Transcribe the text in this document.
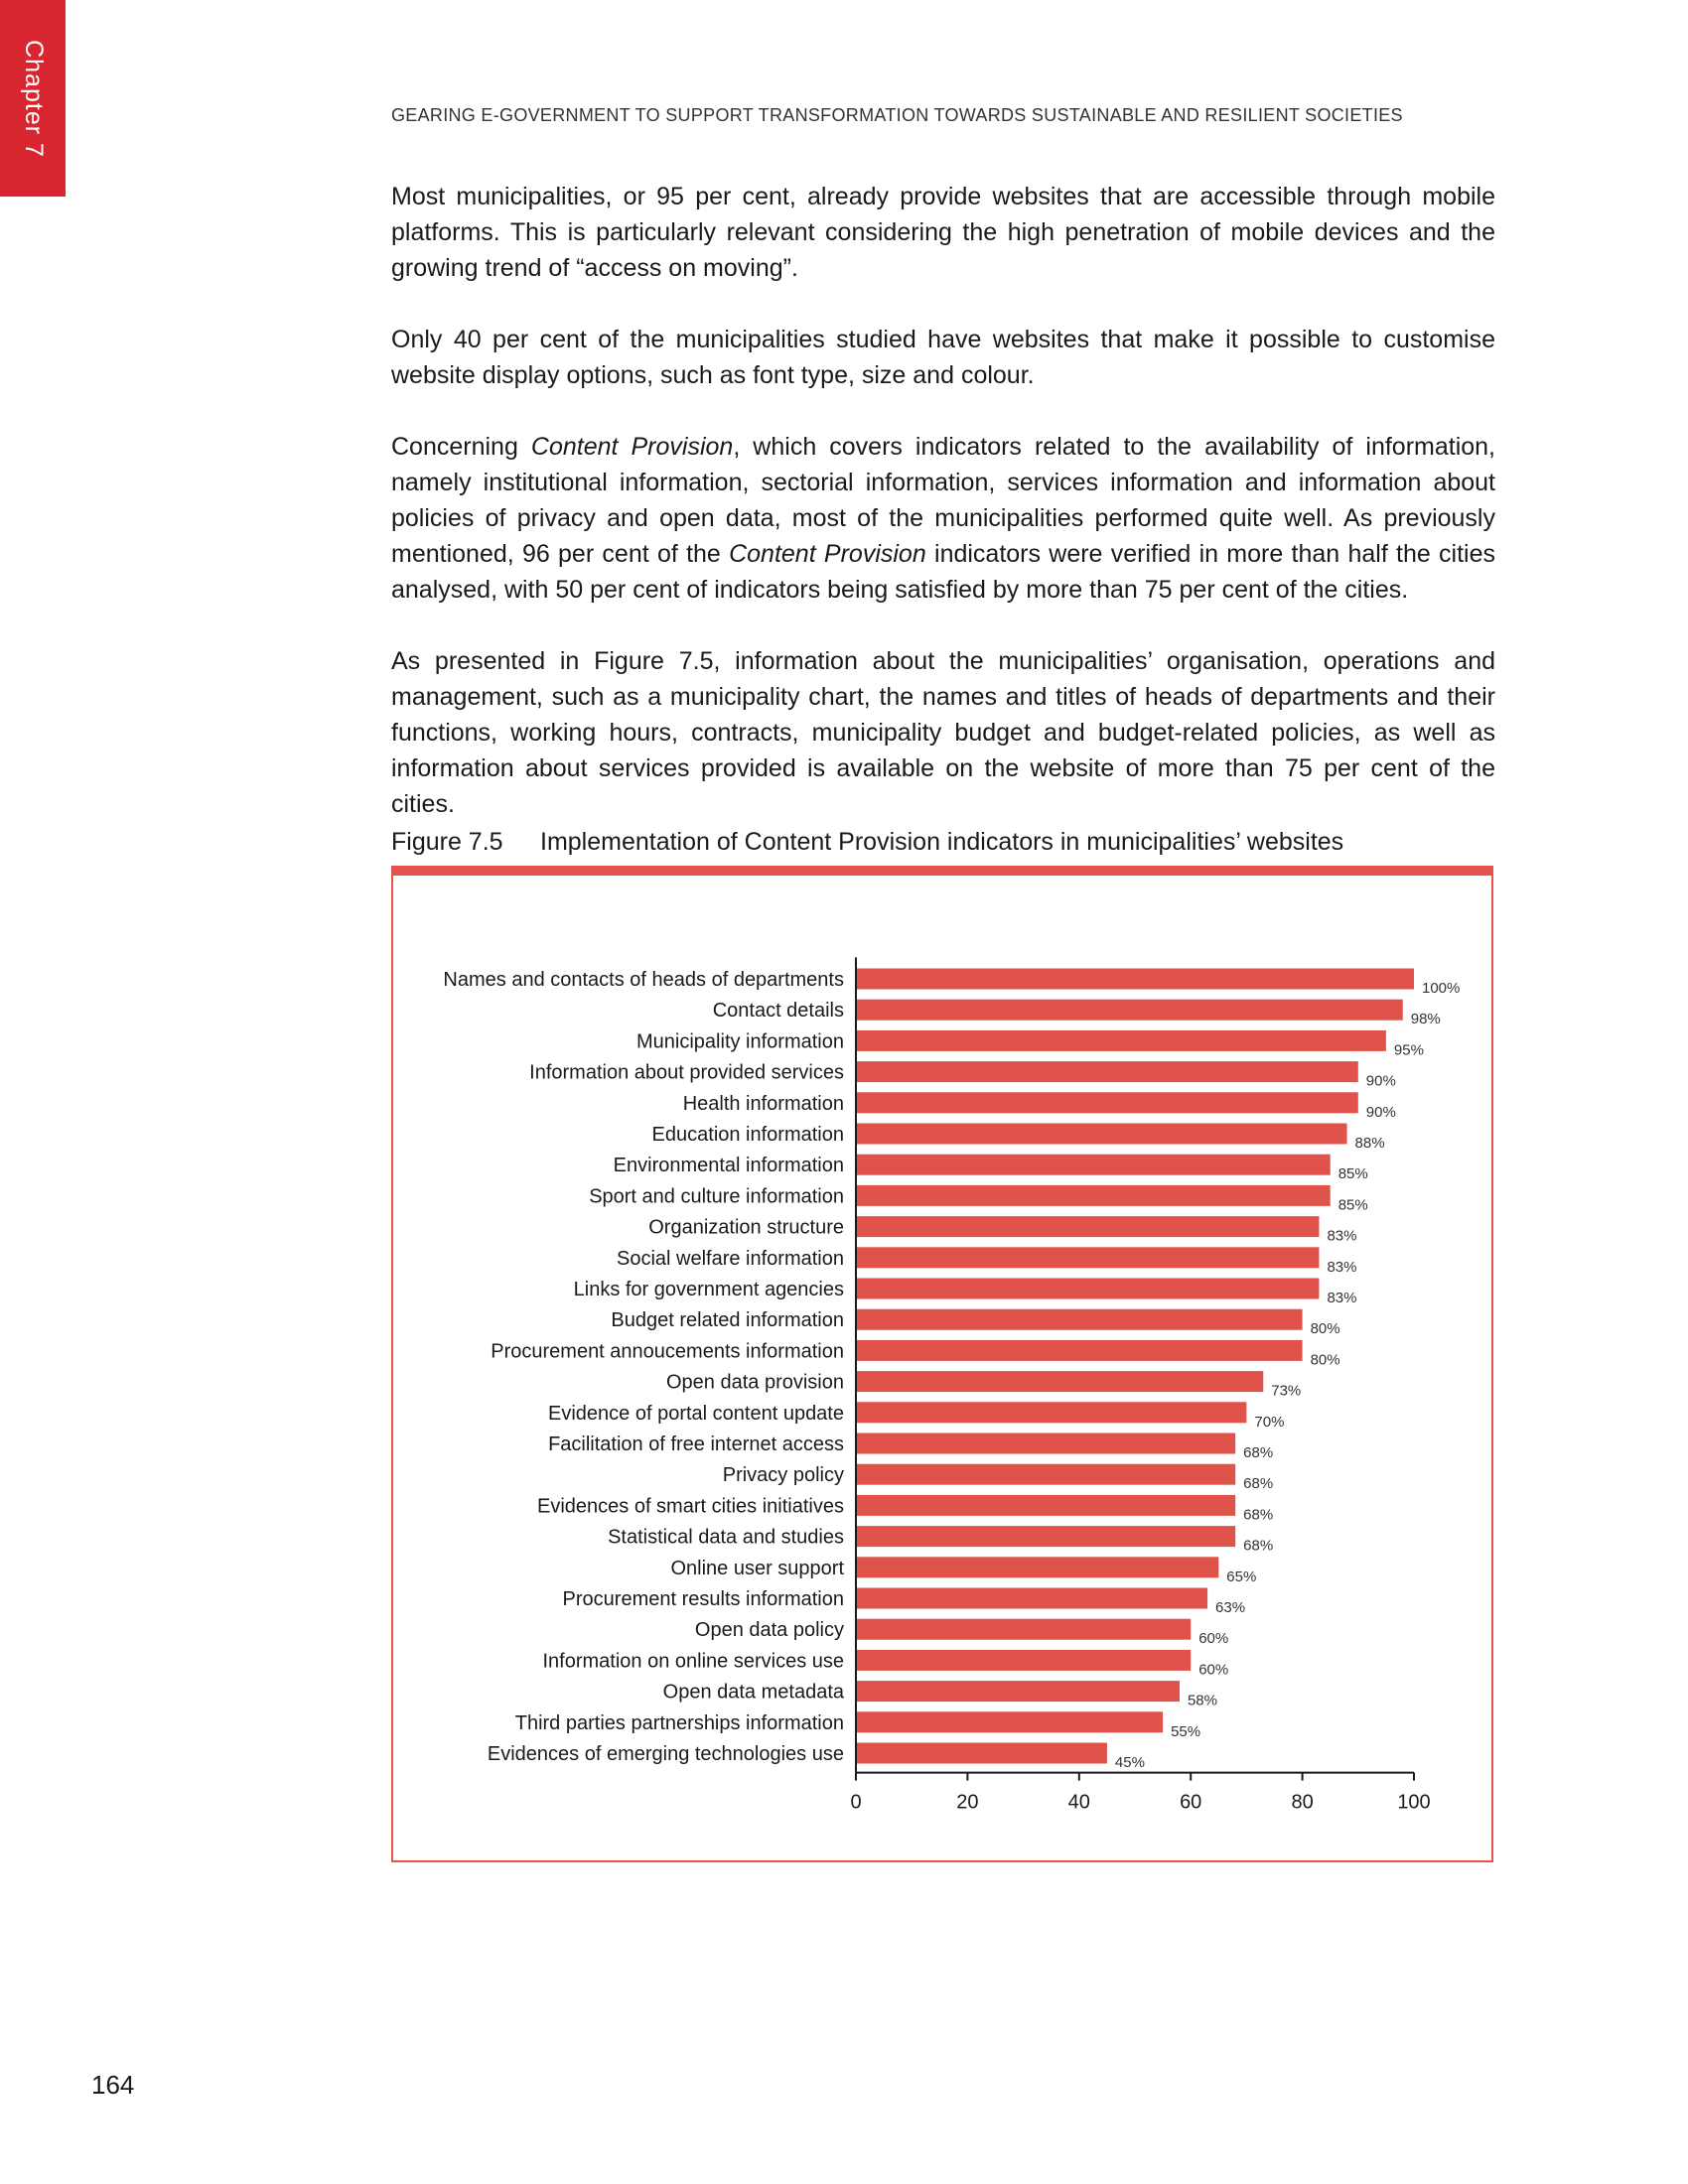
Chapter 7	GEARING E-GOVERNMENT TO SUPPORT TRANSFORMATION TOWARDS SUSTAINABLE AND RESILIENT SOCIETIES

Most municipalities, or 95 per cent, already provide websites that are accessible through mobile platforms. This is particularly relevant considering the high penetration of mobile devices and the growing trend of “access on moving”.

Only 40 per cent of the municipalities studied have websites that make it possible to customise website display options, such as font type, size and colour.

Concerning Content Provision, which covers indicators related to the availability of information, namely institutional information, sectorial information, services information and information about policies of privacy and open data, most of the municipalities performed quite well. As previously mentioned, 96 per cent of the Content Provision indicators were verified in more than half the cities analysed, with 50 per cent of indicators being satisfied by more than 75 per cent of the cities.

As presented in Figure 7.5, information about the municipalities’ organisation, operations and management, such as a municipality chart, the names and titles of heads of departments and their functions, working hours, contracts, municipality budget and budget-related policies, as well as information about services provided is available on the website of more than 75 per cent of the cities.

Figure 7.5 Implementation of Content Provision indicators in municipalities’ websites
Names and contacts of heads of departments	100%
Contact details	98%
Municipality information	95%
Information about provided services	90%
Health information	90%
Education information	88%
Environmental information	85%
Sport and culture information	85%
Organization structure	83%
Social welfare information	83%
Links for government agencies	83%
Budget related information	80%
Procurement annoucements information	80%
Open data provision	73%
Evidence of portal content update	70%
Facilitation of free internet access	68%
Privacy policy	68%
Evidences of smart cities initiatives	68%
Statistical data and studies	68%
Online user support	65%
Procurement results information	63%
Open data policy	60%
Information on online services use	60%
Open data metadata	58%
Third parties partnerships information	55%
Evidences of emerging technologies use	45%
0	20	40	60	80	100
164
